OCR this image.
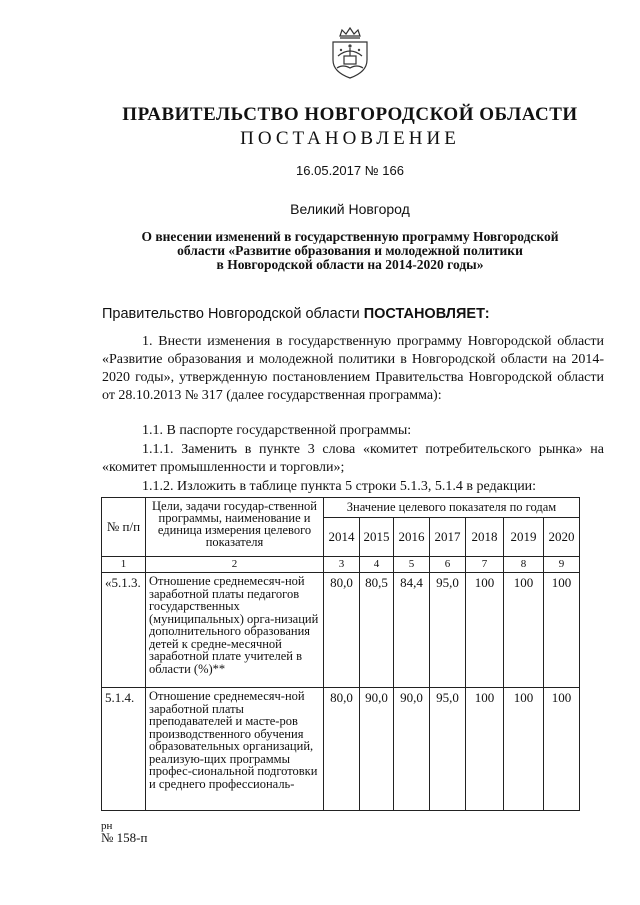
ПРАВИТЕЛЬСТВО НОВГОРОДСКОЙ ОБЛАСТИ
ПОСТАНОВЛЕНИЕ
16.05.2017 № 166
Великий Новгород
О внесении изменений в государственную программу Новгородской
области «Развитие образования и молодежной политики
в Новгородской области на 2014-2020 годы»
Правительство Новгородской области ПОСТАНОВЛЯЕТ:
1. Внести изменения в государственную программу Новгородской области «Развитие образования и молодежной политики в Новгородской области на 2014-2020 годы», утвержденную постановлением Правительства Новгородской области от 28.10.2013 № 317 (далее государственная программа):
1.1. В паспорте государственной программы:
1.1.1. Заменить в пункте 3 слова «комитет потребительского рынка» на «комитет промышленности и торговли»;
1.1.2. Изложить в таблице пункта 5 строки 5.1.3, 5.1.4 в редакции:
№ п/п	Цели, задачи государ-ственной программы, наименование и единица измерения целевого показателя	Значение целевого показателя по годам						
		2014	2015	2016	2017	2018	2019	2020
1	2	3	4	5	6	7	8	9
«5.1.3.	Отношение среднемесяч-ной заработной платы педагогов государственных (муниципальных) орга-низаций дополнительного образования детей к средне-месячной заработной плате учителей в области (%)**	80,0	80,5	84,4	95,0	100	100	100
5.1.4.	Отношение среднемесяч-ной заработной платы преподавателей и масте-ров производственного обучения образовательных организаций, реализую-щих программы профес-сиональной подготовки и среднего профессиональ-	80,0	90,0	90,0	95,0	100	100	100
рн
№ 158-п
